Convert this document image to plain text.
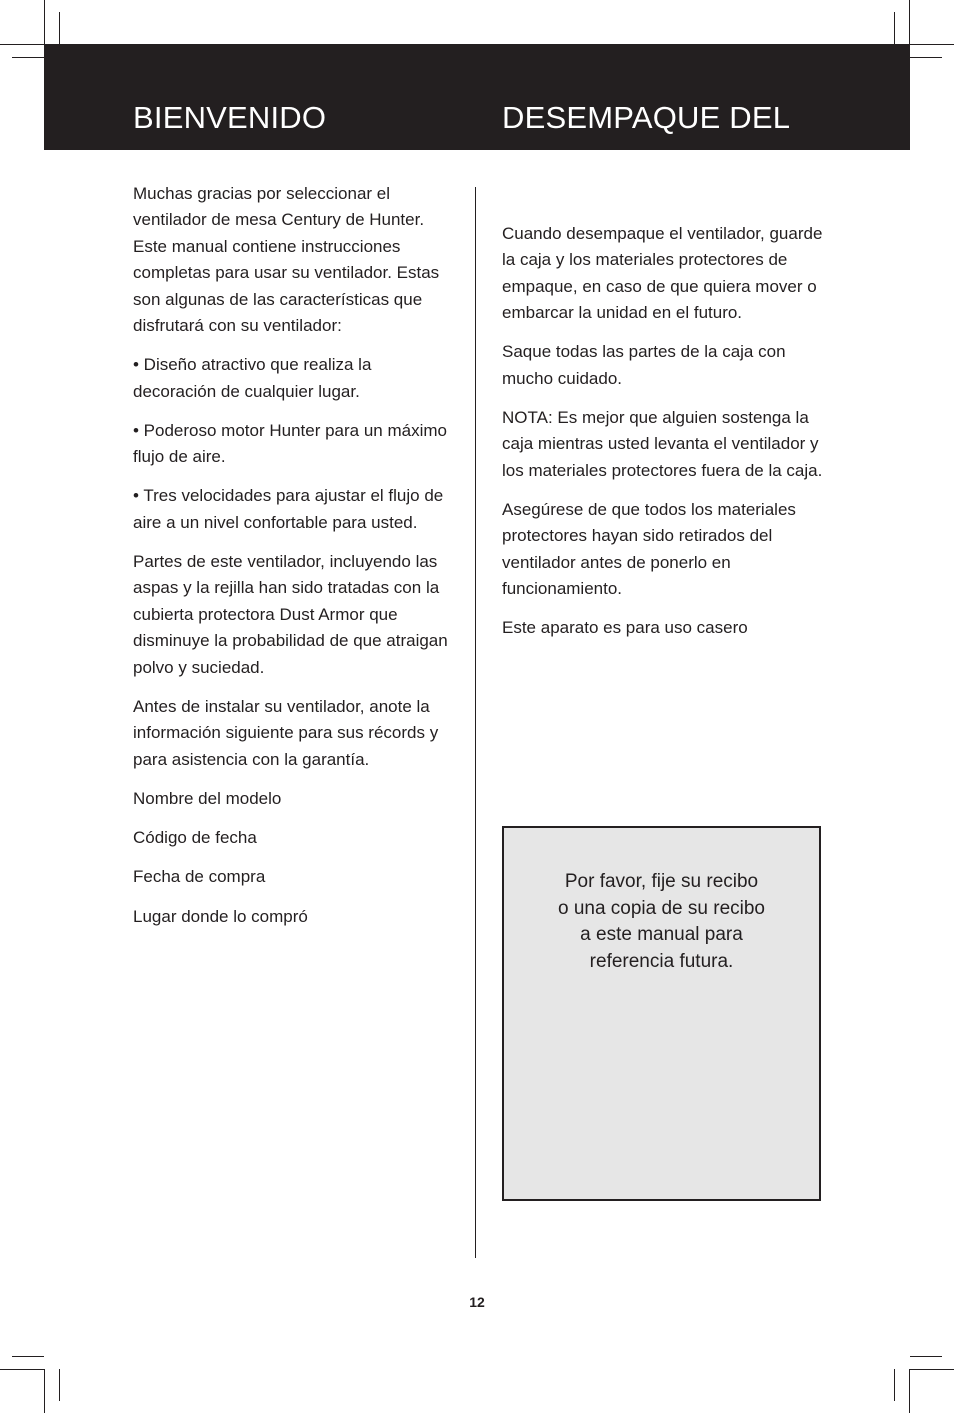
BIENVENIDO	DESEMPAQUE DEL

Muchas gracias por seleccionar el ventilador de mesa Century de Hunter. Este manual contiene instrucciones completas para usar su ventilador. Estas son algunas de las características que disfrutará con su ventilador:

• Diseño atractivo que realiza la decoración de cualquier lugar.

• Poderoso motor Hunter para un máximo flujo de aire.

• Tres velocidades para ajustar el flujo de aire a un nivel confortable para usted.

Partes de este ventilador, incluyendo las aspas y la rejilla han sido tratadas con la cubierta protectora Dust Armor que disminuye la probabilidad de que atraigan polvo y suciedad.

Antes de instalar su ventilador, anote la información siguiente para sus récords y para asistencia con la garantía.

Nombre del modelo

Código de fecha

Fecha de compra

Lugar donde lo compró

Cuando desempaque el ventilador, guarde la caja y los materiales protectores de empaque, en caso de que quiera mover o embarcar la unidad en el futuro.

Saque todas las partes de la caja con mucho cuidado.

NOTA: Es mejor que alguien sostenga la caja mientras usted levanta el ventilador y los materiales protectores fuera de la caja.

Asegúrese de que todos los materiales protectores hayan sido retirados del ventilador antes de ponerlo en funcionamiento.

Este aparato es para uso casero

Por favor, fije su recibo
o una copia de su recibo
a este manual para
referencia futura.

12
